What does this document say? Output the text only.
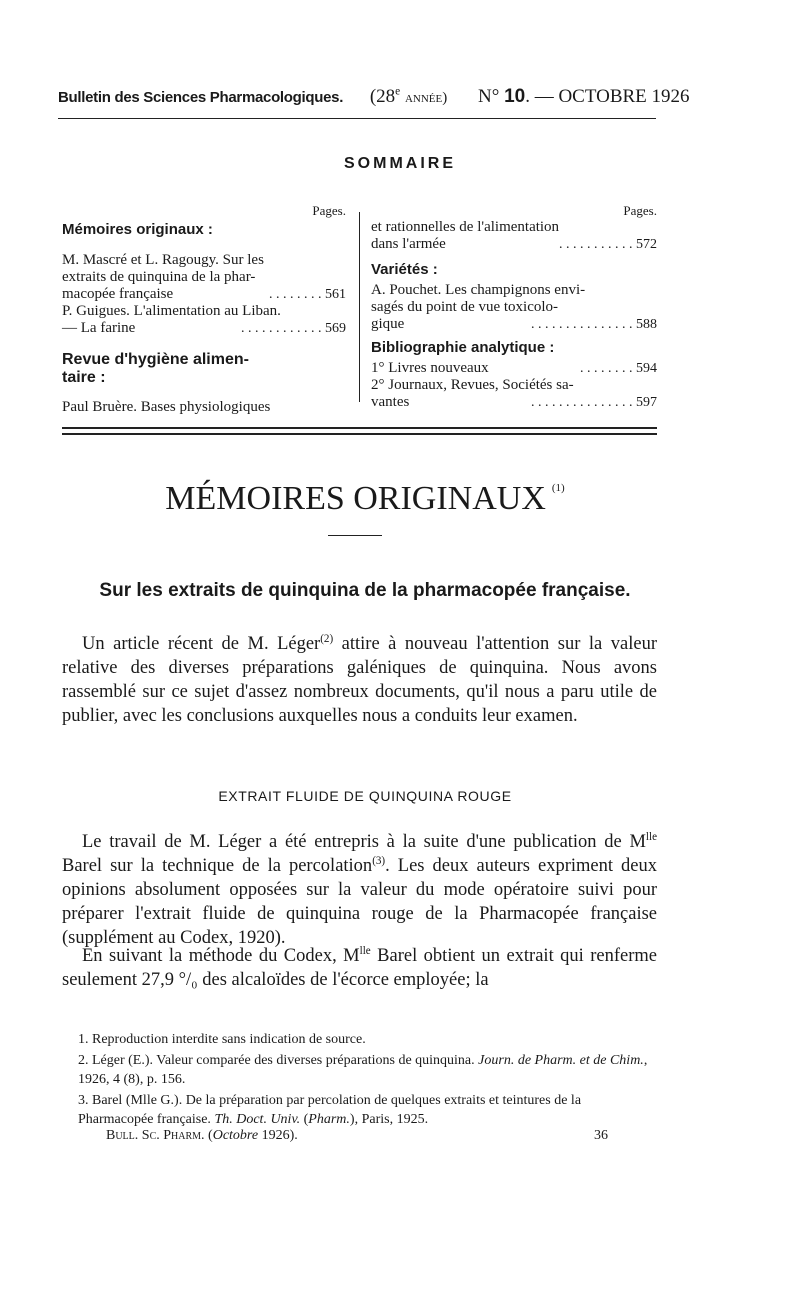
Bulletin des Sciences Pharmacologiques. (28e année) N° 10. — OCTOBRE 1926
SOMMAIRE
Pages.
Mémoires originaux :
M. Mascré et L. Ragougy. Sur les
extraits de quinquina de la phar-
macopée française	. . . . . . . . 561
P. Guigues. L'alimentation au Liban.
— La farine	. . . . . . . . . . . . 569
Revue d'hygiène alimen-
taire :
Paul Bruère. Bases physiologiques
Pages.
et rationnelles de l'alimentation
dans l'armée	. . . . . . . . . . . 572
Variétés :
A. Pouchet. Les champignons envi-
sagés du point de vue toxicolo-
gique	. . . . . . . . . . . . . . . 588
Bibliographie analytique :
1° Livres nouveaux	. . . . . . . . 594
2° Journaux, Revues, Sociétés sa-
vantes	. . . . . . . . . . . . . . . 597
MÉMOIRES ORIGINAUX $^{(1)}$
Sur les extraits de quinquina de la pharmacopée française.
Un article récent de M. Léger$^{(2)}$ attire à nouveau l'attention sur la valeur relative des diverses préparations galéniques de quinquina. Nous avons rassemblé sur ce sujet d'assez nombreux documents, qu'il nous a paru utile de publier, avec les conclusions auxquelles nous a conduits leur examen.
EXTRAIT FLUIDE DE QUINQUINA ROUGE
Le travail de M. Léger a été entrepris à la suite d'une publication de $M^{lle}$ Barel sur la technique de la percolation$^{(3)}$. Les deux auteurs expriment deux opinions absolument opposées sur la valeur du mode opératoire suivi pour préparer l'extrait fluide de quinquina rouge de la Pharmacopée française (supplément au Codex, 1920).
En suivant la méthode du Codex, $M^{lle}$ Barel obtient un extrait qui renferme seulement 27,9 °/₀ des alcaloïdes de l'écorce employée; la
1. Reproduction interdite sans indication de source.
2. Léger (E.). Valeur comparée des diverses préparations de quinquina. Journ. de Pharm. et de Chim., 1926, 4 (8), p. 156.
3. Barel (Mlle G.). De la préparation par percolation de quelques extraits et teintures de la Pharmacopée française. Th. Doct. Univ. (Pharm.), Paris, 1925.
Bull. Sc. Pharm. (Octobre 1926).	36
